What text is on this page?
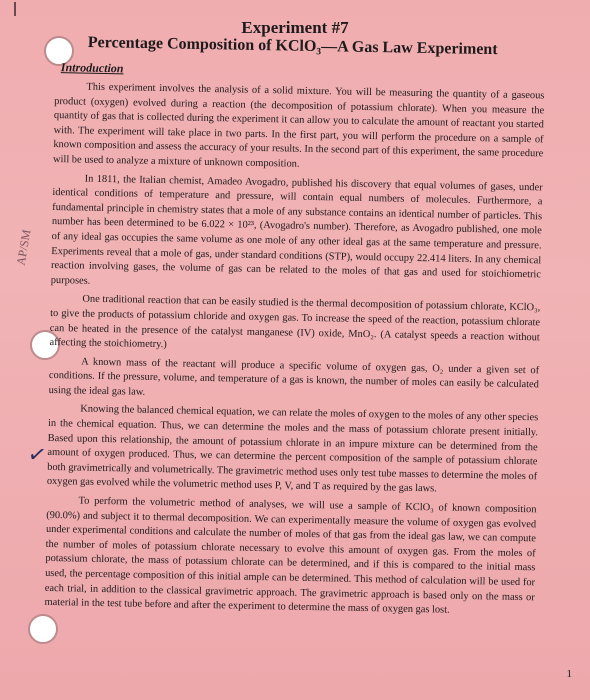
AP/SM
✓
Experiment #7
Percentage Composition of KClO₃—A Gas Law Experiment
Introduction

This experiment involves the analysis of a solid mixture. You will be measuring the quantity of a gaseous product (oxygen) evolved during a reaction (the decomposition of potassium chlorate). When you measure the quantity of gas that is collected during the experiment it can allow you to calculate the amount of reactant you started with. The experiment will take place in two parts. In the first part, you will perform the procedure on a sample of known composition and assess the accuracy of your results. In the second part of this experiment, the same procedure will be used to analyze a mixture of unknown composition.

In 1811, the Italian chemist, Amadeo Avogadro, published his discovery that equal volumes of gases, under identical conditions of temperature and pressure, will contain equal numbers of molecules. Furthermore, a fundamental principle in chemistry states that a mole of any substance contains an identical number of particles. This number has been determined to be 6.022 × 10²³, (Avogadro's number). Therefore, as Avogadro published, one mole of any ideal gas occupies the same volume as one mole of any other ideal gas at the same temperature and pressure. Experiments reveal that a mole of gas, under standard conditions (STP), would occupy 22.414 liters. In any chemical reaction involving gases, the volume of gas can be related to the moles of that gas and used for stoichiometric purposes.

One traditional reaction that can be easily studied is the thermal decomposition of potassium chlorate, KClO₃, to give the products of potassium chloride and oxygen gas. To increase the speed of the reaction, potassium chlorate can be heated in the presence of the catalyst manganese (IV) oxide, MnO₂. (A catalyst speeds a reaction without affecting the stoichiometry.)

A known mass of the reactant will produce a specific volume of oxygen gas, O₂ under a given set of conditions. If the pressure, volume, and temperature of a gas is known, the number of moles can easily be calculated using the ideal gas law.

Knowing the balanced chemical equation, we can relate the moles of oxygen to the moles of any other species in the chemical equation. Thus, we can determine the moles and the mass of potassium chlorate present initially. Based upon this relationship, the amount of potassium chlorate in an impure mixture can be determined from the amount of oxygen produced. Thus, we can determine the percent composition of the sample of potassium chlorate both gravimetrically and volumetrically. The gravimetric method uses only test tube masses to determine the moles of oxygen gas evolved while the volumetric method uses P, V, and T as required by the gas laws.

To perform the volumetric method of analyses, we will use a sample of KClO₃ of known composition (90.0%) and subject it to thermal decomposition. We can experimentally measure the volume of oxygen gas evolved under experimental conditions and calculate the number of moles of that gas from the ideal gas law, we can compute the number of moles of potassium chlorate necessary to evolve this amount of oxygen gas. From the moles of potassium chlorate, the mass of potassium chlorate can be determined, and if this is compared to the initial mass used, the percentage composition of this initial ample can be determined. This method of calculation will be used for each trial, in addition to the classical gravimetric approach. The gravimetric approach is based only on the mass or material in the test tube before and after the experiment to determine the mass of oxygen gas lost.

1
